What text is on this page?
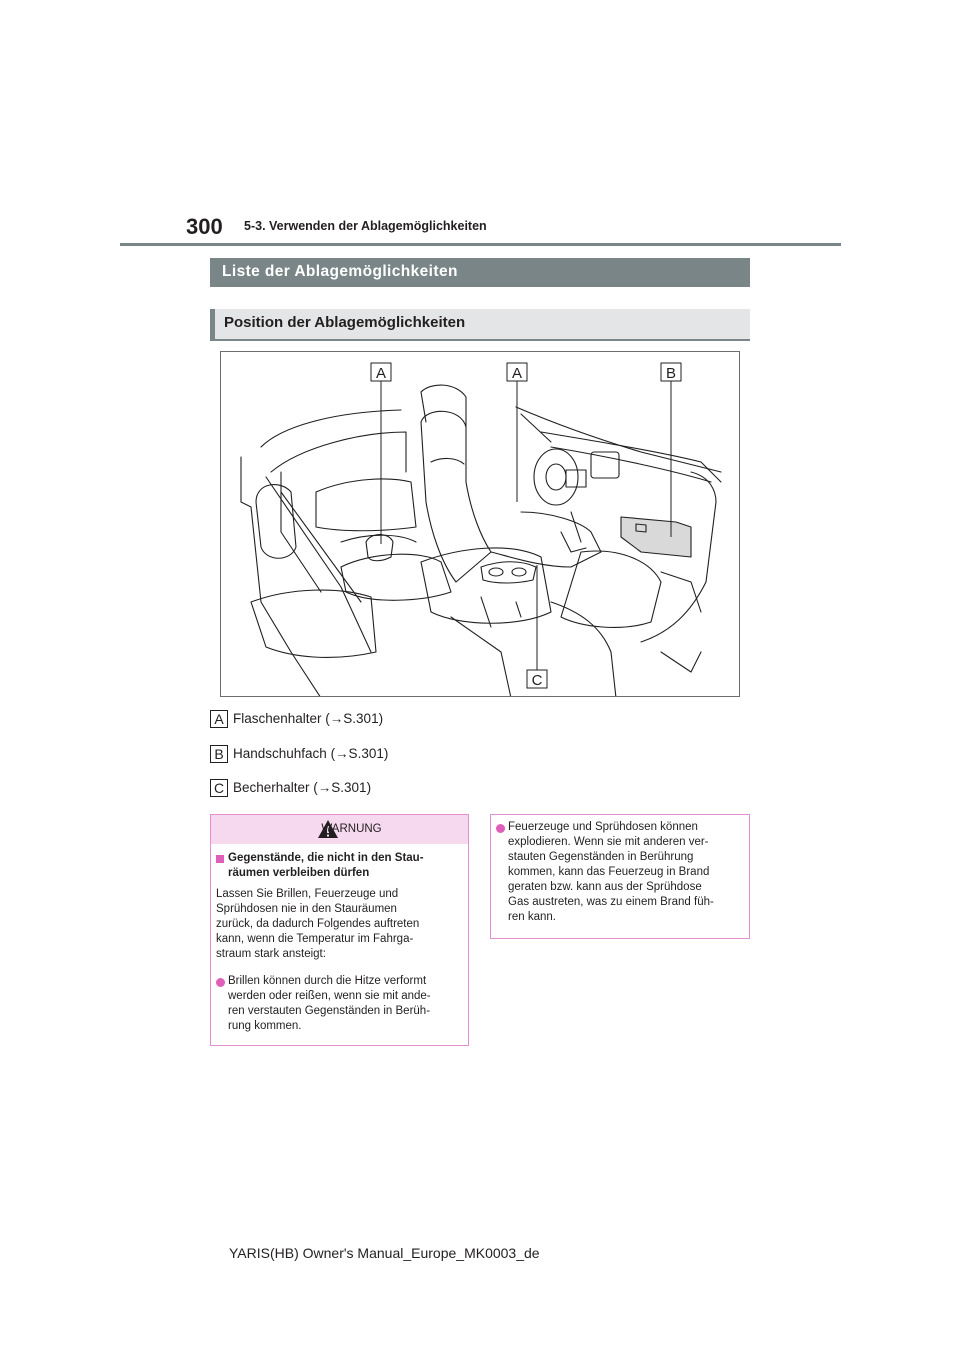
300 5-3. Verwenden der Ablagemöglichkeiten
Liste der Ablagemöglichkeiten
Position der Ablagemöglichkeiten
A	A	B
C
A Flaschenhalter (→S.301)
B Handschuhfach (→S.301)
C Becherhalter (→S.301)
WARNUNG
Gegenstände, die nicht in den Stau-
räumen verbleiben dürfen
Lassen Sie Brillen, Feuerzeuge und
Sprühdosen nie in den Stauräumen
zurück, da dadurch Folgendes auftreten
kann, wenn die Temperatur im Fahrga-
straum stark ansteigt:
Brillen können durch die Hitze verformt
werden oder reißen, wenn sie mit ande-
ren verstauten Gegenständen in Berüh-
rung kommen.
Feuerzeuge und Sprühdosen können
explodieren. Wenn sie mit anderen ver-
stauten Gegenständen in Berührung
kommen, kann das Feuerzeug in Brand
geraten bzw. kann aus der Sprühdose
Gas austreten, was zu einem Brand füh-
ren kann.
YARIS(HB) Owner's Manual_Europe_MK0003_de
